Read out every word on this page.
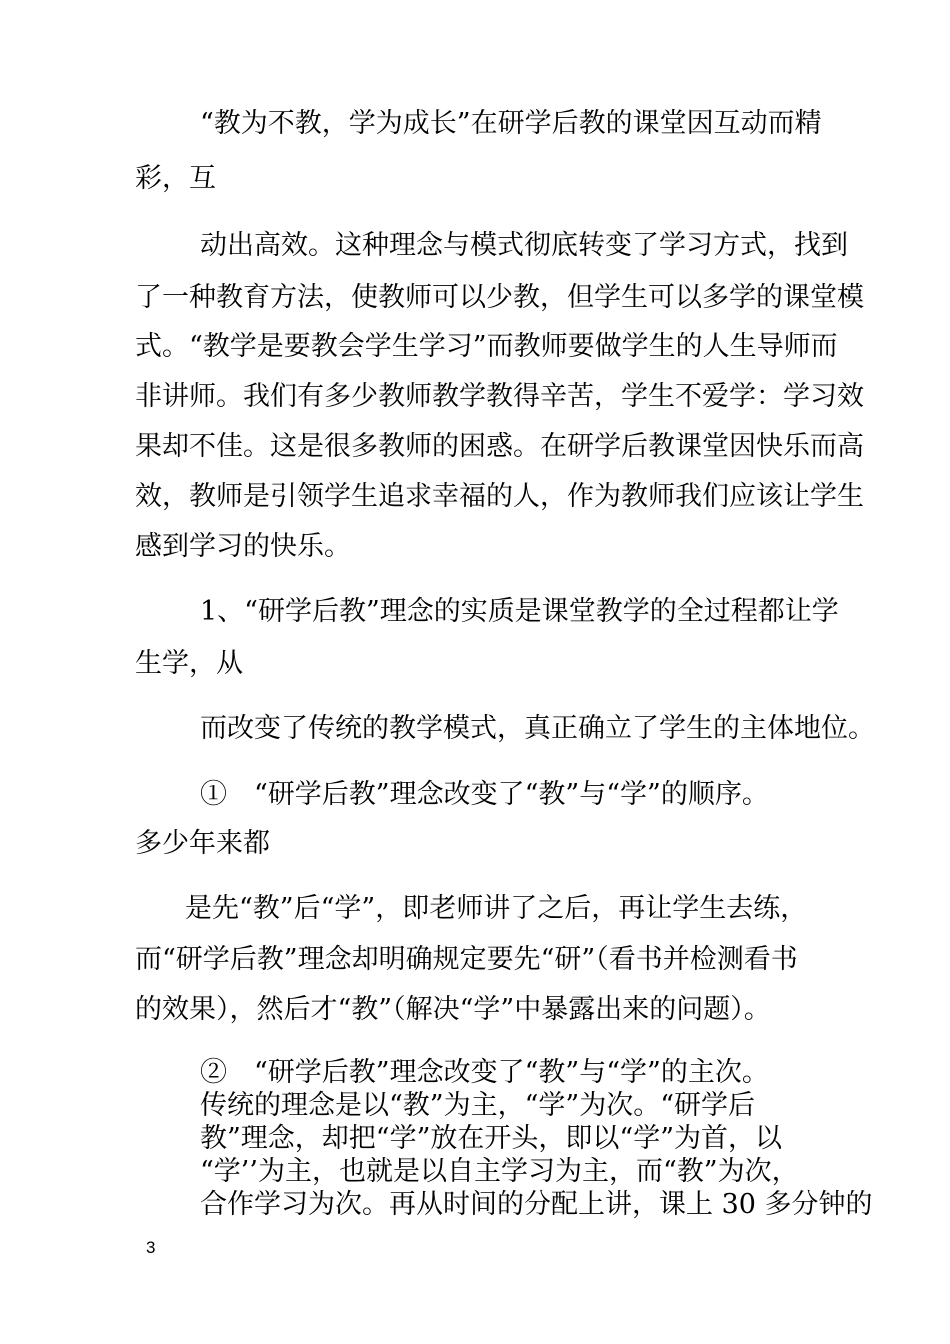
“教为不教，学为成长”在研学后教的课堂因互动而精
彩，互
动出高效。这种理念与模式彻底转变了学习方式，找到
了一种教育方法，使教师可以少教，但学生可以多学的课堂模
式。“教学是要教会学生学习”而教师要做学生的人生导师而
非讲师。我们有多少教师教学教得辛苦，学生不爱学：学习效
果却不佳。这是很多教师的困惑。在研学后教课堂因快乐而高
效，教师是引领学生追求幸福的人，作为教师我们应该让学生
感到学习的快乐。
1、“研学后教”理念的实质是课堂教学的全过程都让学
生学，从
而改变了传统的教学模式，真正确立了学生的主体地位。
①　“研学后教”理念改变了“教”与“学”的顺序。
多少年来都
是先“教”后“学”，即老师讲了之后，再让学生去练，
而“研学后教”理念却明确规定要先“研”（看书并检测看书
的效果），然后才“教”（解决“学”中暴露出来的问题）。
②　“研学后教”理念改变了“教”与“学”的主次。
传统的理念是以“教”为主，“学”为次。“研学后
教”理念，却把“学”放在开头，即以“学”为首，以
“学’’为主，也就是以自主学习为主，而“教”为次，
合作学习为次。再从时间的分配上讲，课上 30 多分钟的
3
